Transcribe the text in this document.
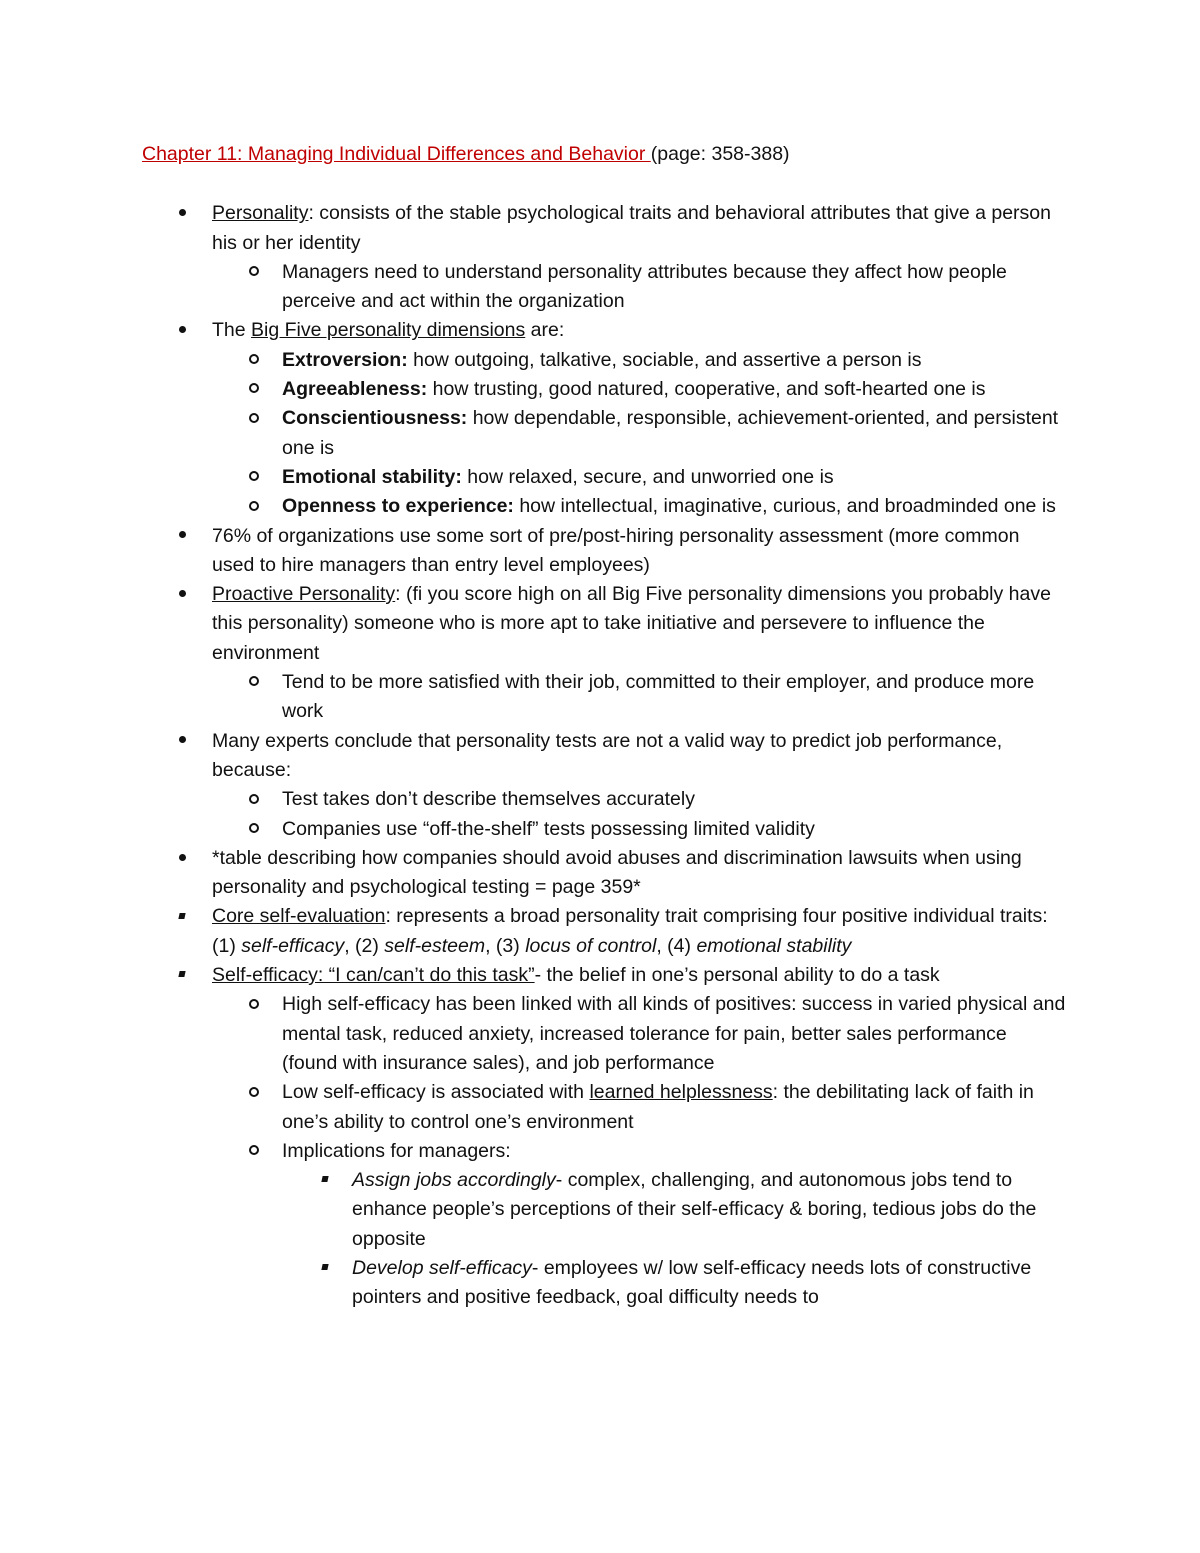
Chapter 11: Managing Individual Differences and Behavior (page: 358-388)

Personality: consists of the stable psychological traits and behavioral attributes that give a person his or her identity
Managers need to understand personality attributes because they affect how people perceive and act within the organization
The Big Five personality dimensions are:
Extroversion: how outgoing, talkative, sociable, and assertive a person is
Agreeableness: how trusting, good natured, cooperative, and soft-hearted one is
Conscientiousness: how dependable, responsible, achievement-oriented, and persistent one is
Emotional stability: how relaxed, secure, and unworried one is
Openness to experience: how intellectual, imaginative, curious, and broadminded one is
76% of organizations use some sort of pre/post-hiring personality assessment (more common used to hire managers than entry level employees)
Proactive Personality: (fi you score high on all Big Five personality dimensions you probably have this personality) someone who is more apt to take initiative and persevere to influence the environment
Tend to be more satisfied with their job, committed to their employer, and produce more work
Many experts conclude that personality tests are not a valid way to predict job performance, because:
Test takes don’t describe themselves accurately
Companies use “off-the-shelf” tests possessing limited validity
*table describing how companies should avoid abuses and discrimination lawsuits when using personality and psychological testing = page 359*
Core self-evaluation: represents a broad personality trait comprising four positive individual traits: (1) self-efficacy, (2) self-esteem, (3) locus of control, (4) emotional stability
Self-efficacy: “I can/can’t do this task”- the belief in one’s personal ability to do a task
High self-efficacy has been linked with all kinds of positives: success in varied physical and mental task, reduced anxiety, increased tolerance for pain, better sales performance (found with insurance sales), and job performance
Low self-efficacy is associated with learned helplessness: the debilitating lack of faith in one’s ability to control one’s environment
Implications for managers:
Assign jobs accordingly- complex, challenging, and autonomous jobs tend to enhance people’s perceptions of their self-efficacy & boring, tedious jobs do the opposite
Develop self-efficacy- employees w/ low self-efficacy needs lots of constructive pointers and positive feedback, goal difficulty needs to
